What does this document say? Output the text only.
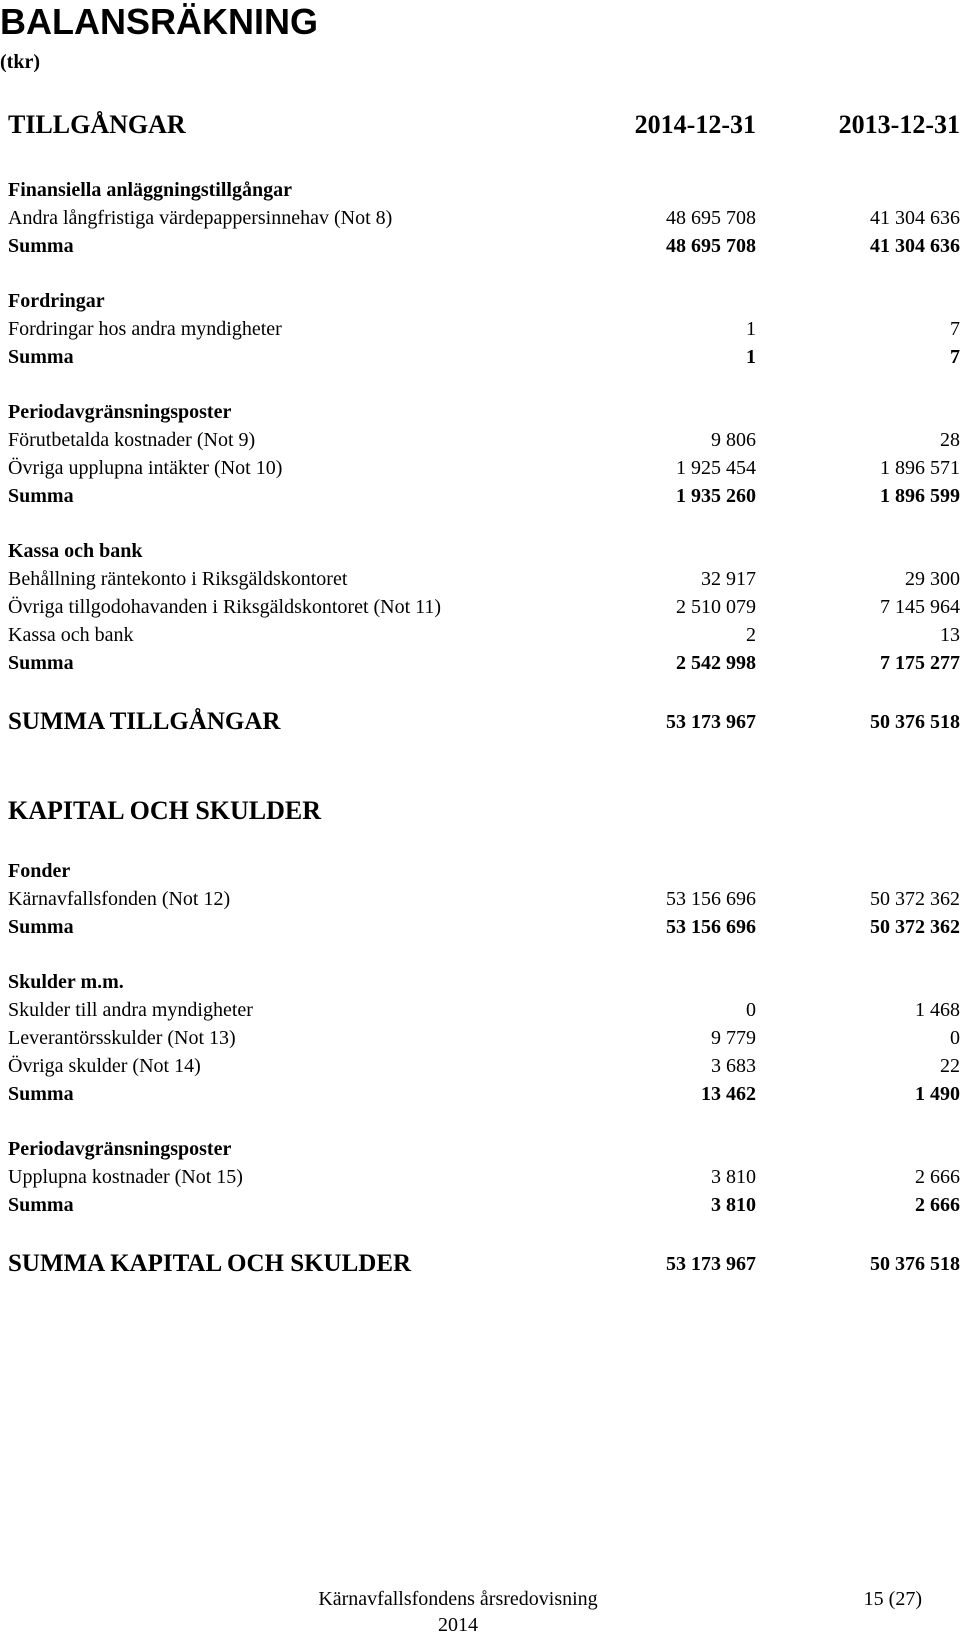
BALANSRÄKNING
(tkr)
TILLGÅNGAR	2014-12-31	2013-12-31
Finansiella anläggningstillgångar
Andra långfristiga värdepappersinnehav (Not 8)	48 695 708	41 304 636
Summa	48 695 708	41 304 636
Fordringar
Fordringar hos andra myndigheter	1	7
Summa	1	7
Periodavgränsningsposter
Förutbetalda kostnader (Not 9)	9 806	28
Övriga upplupna intäkter (Not 10)	1 925 454	1 896 571
Summa	1 935 260	1 896 599
Kassa och bank
Behållning räntekonto i Riksgäldskontoret	32 917	29 300
Övriga tillgodohavanden i Riksgäldskontoret (Not 11)	2 510 079	7 145 964
Kassa och bank	2	13
Summa	2 542 998	7 175 277
SUMMA TILLGÅNGAR	53 173 967	50 376 518
KAPITAL OCH SKULDER
Fonder
Kärnavfallsfonden (Not 12)	53 156 696	50 372 362
Summa	53 156 696	50 372 362
Skulder m.m.
Skulder till andra myndigheter	0	1 468
Leverantörsskulder (Not 13)	9 779	0
Övriga skulder (Not 14)	3 683	22
Summa	13 462	1 490
Periodavgränsningsposter
Upplupna kostnader (Not 15)	3 810	2 666
Summa	3 810	2 666
SUMMA KAPITAL OCH SKULDER	53 173 967	50 376 518
Kärnavfallsfondens årsredovisning 2014
15 (27)
